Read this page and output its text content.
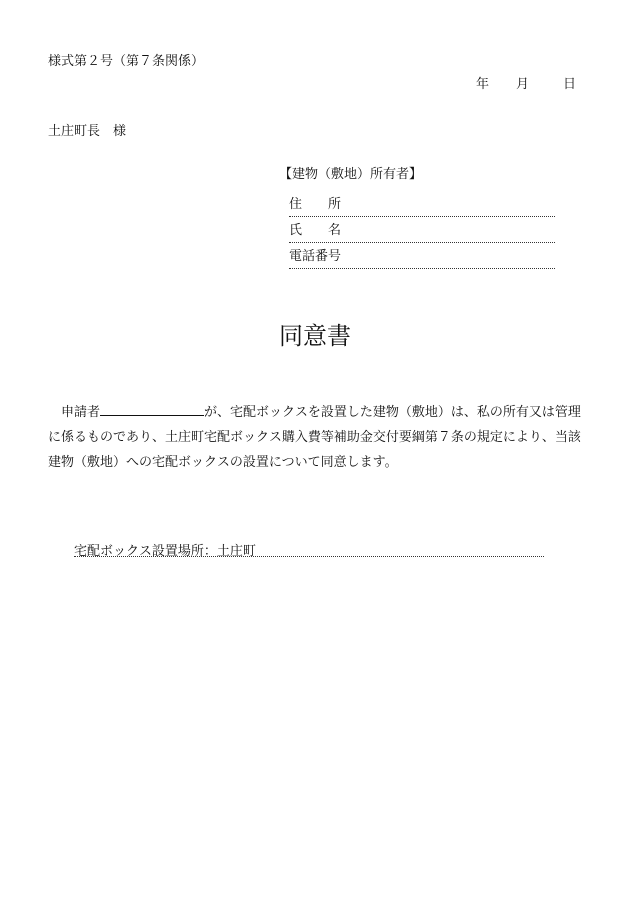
様式第２号（第７条関係）
年 月	日
土庄町長　様
【建物（敷地）所有者】
住　　所
氏　　名
電話番号
同意書
　申請者	が、宅配ボックスを設置した建物（敷地）は、私の所有又は管理に係るものであり、土庄町宅配ボックス購入費等補助金交付要綱第７条の規定により、当該建物（敷地）への宅配ボックスの設置について同意します。
宅配ボックス設置場所：土庄町
